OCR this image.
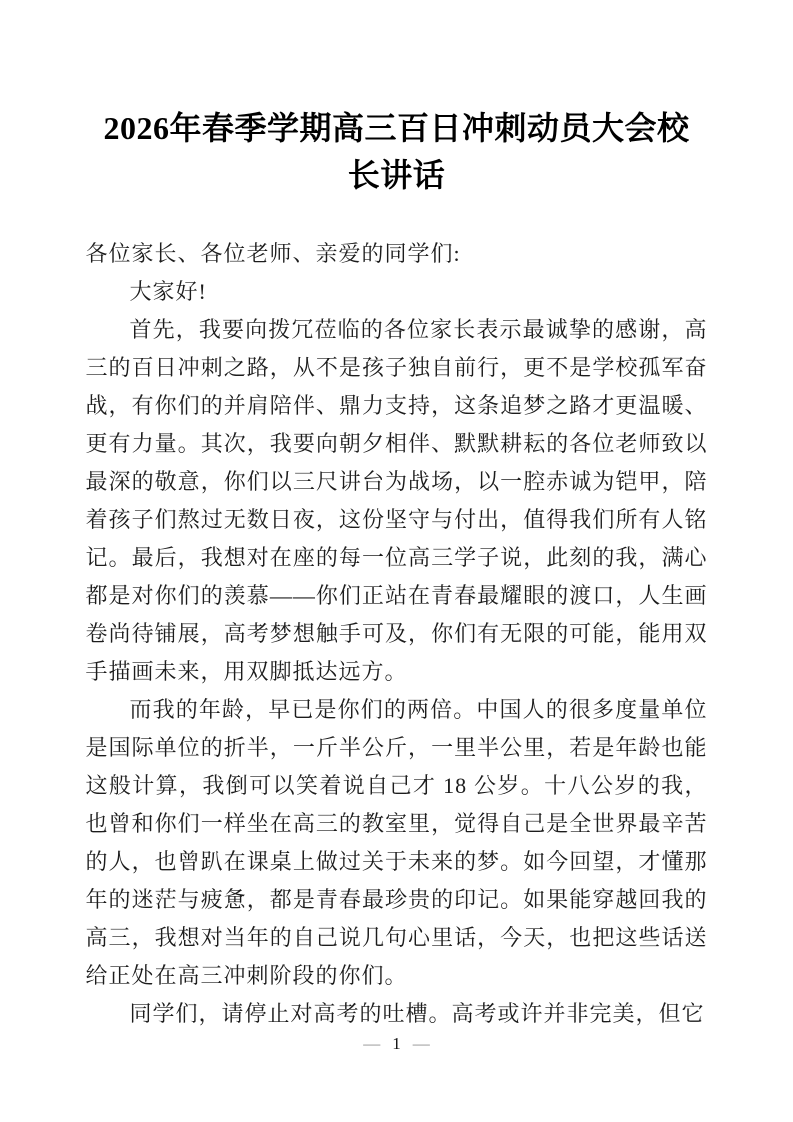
2026年春季学期高三百日冲刺动员大会校长讲话

各位家长、各位老师、亲爱的同学们:

大家好!

首先，我要向拨冗莅临的各位家长表示最诚挚的感谢，高三的百日冲刺之路，从不是孩子独自前行，更不是学校孤军奋战，有你们的并肩陪伴、鼎力支持，这条追梦之路才更温暖、更有力量。其次，我要向朝夕相伴、默默耕耘的各位老师致以最深的敬意，你们以三尺讲台为战场，以一腔赤诚为铠甲，陪着孩子们熬过无数日夜，这份坚守与付出，值得我们所有人铭记。最后，我想对在座的每一位高三学子说，此刻的我，满心都是对你们的羡慕——你们正站在青春最耀眼的渡口，人生画卷尚待铺展，高考梦想触手可及，你们有无限的可能，能用双手描画未来，用双脚抵达远方。

而我的年龄，早已是你们的两倍。中国人的很多度量单位是国际单位的折半，一斤半公斤，一里半公里，若是年龄也能这般计算，我倒可以笑着说自己才 18 公岁。十八公岁的我，也曾和你们一样坐在高三的教室里，觉得自己是全世界最辛苦的人，也曾趴在课桌上做过关于未来的梦。如今回望，才懂那年的迷茫与疲惫，都是青春最珍贵的印记。如果能穿越回我的高三，我想对当年的自己说几句心里话，今天，也把这些话送给正处在高三冲刺阶段的你们。

同学们，请停止对高考的吐槽。高考或许并非完美，但它

— 1 —
